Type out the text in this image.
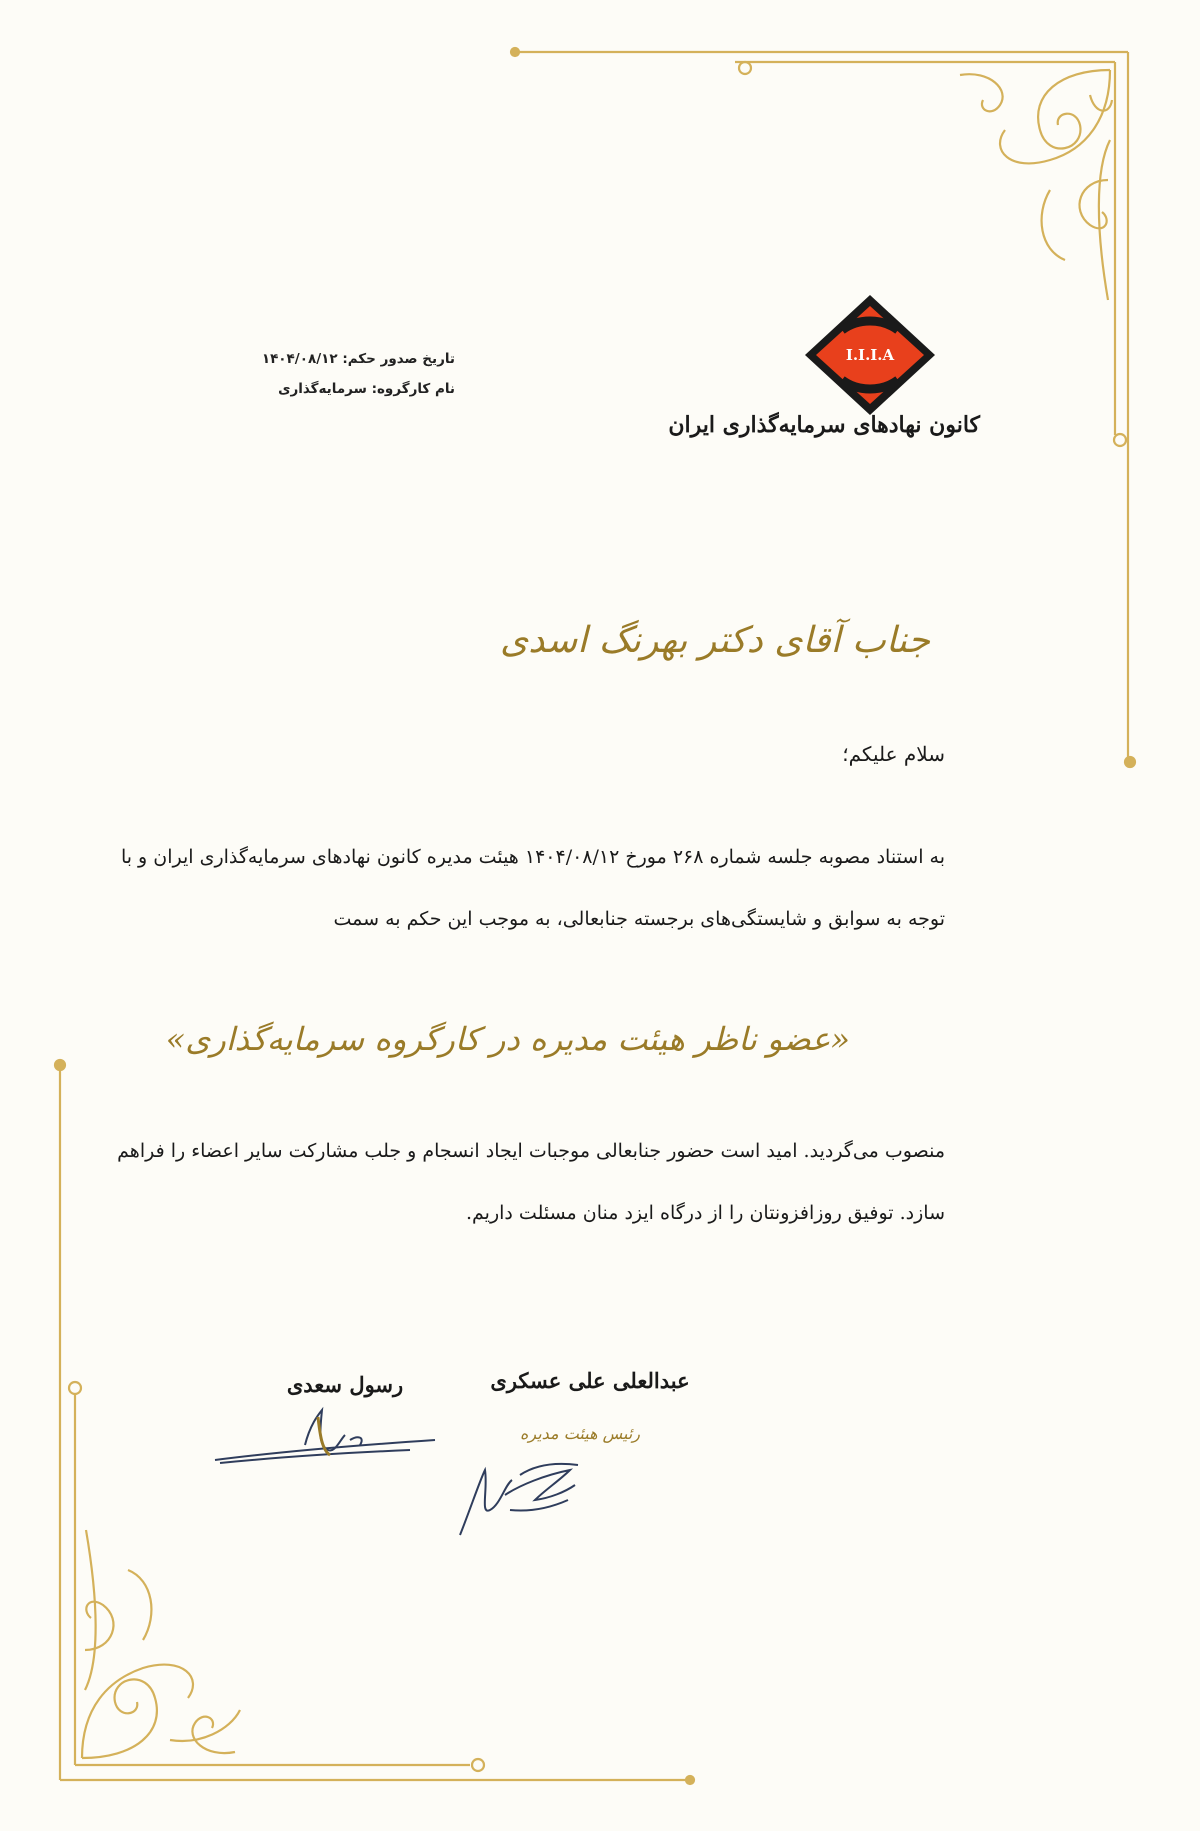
I.I.I.A
کانون نهادهای سرمایه‌گذاری ایران
تاریخ صدور حکم: ۱۴۰۴/۰۸/۱۲
نام کارگروه: سرمایه‌گذاری
جناب آقای دکتر بهرنگ اسدی
سلام علیکم؛
به استناد مصوبه جلسه شماره ۲۶۸ مورخ ۱۴۰۴/۰۸/۱۲ هیئت مدیره کانون نهادهای سرمایه‌گذاری ایران و با
توجه به سوابق و شایستگی‌های برجسته جنابعالی، به موجب این حکم به سمت
«عضو ناظر هیئت مدیره در کارگروه سرمایه‌گذاری»
منصوب می‌گردید. امید است حضور جنابعالی موجبات ایجاد انسجام و جلب مشارکت سایر اعضاء را فراهم
سازد. توفیق روزافزونتان را از درگاه ایزد منان مسئلت داریم.
عبدالعلی علی عسکری
رئیس هیئت مدیره
رسول سعدی
